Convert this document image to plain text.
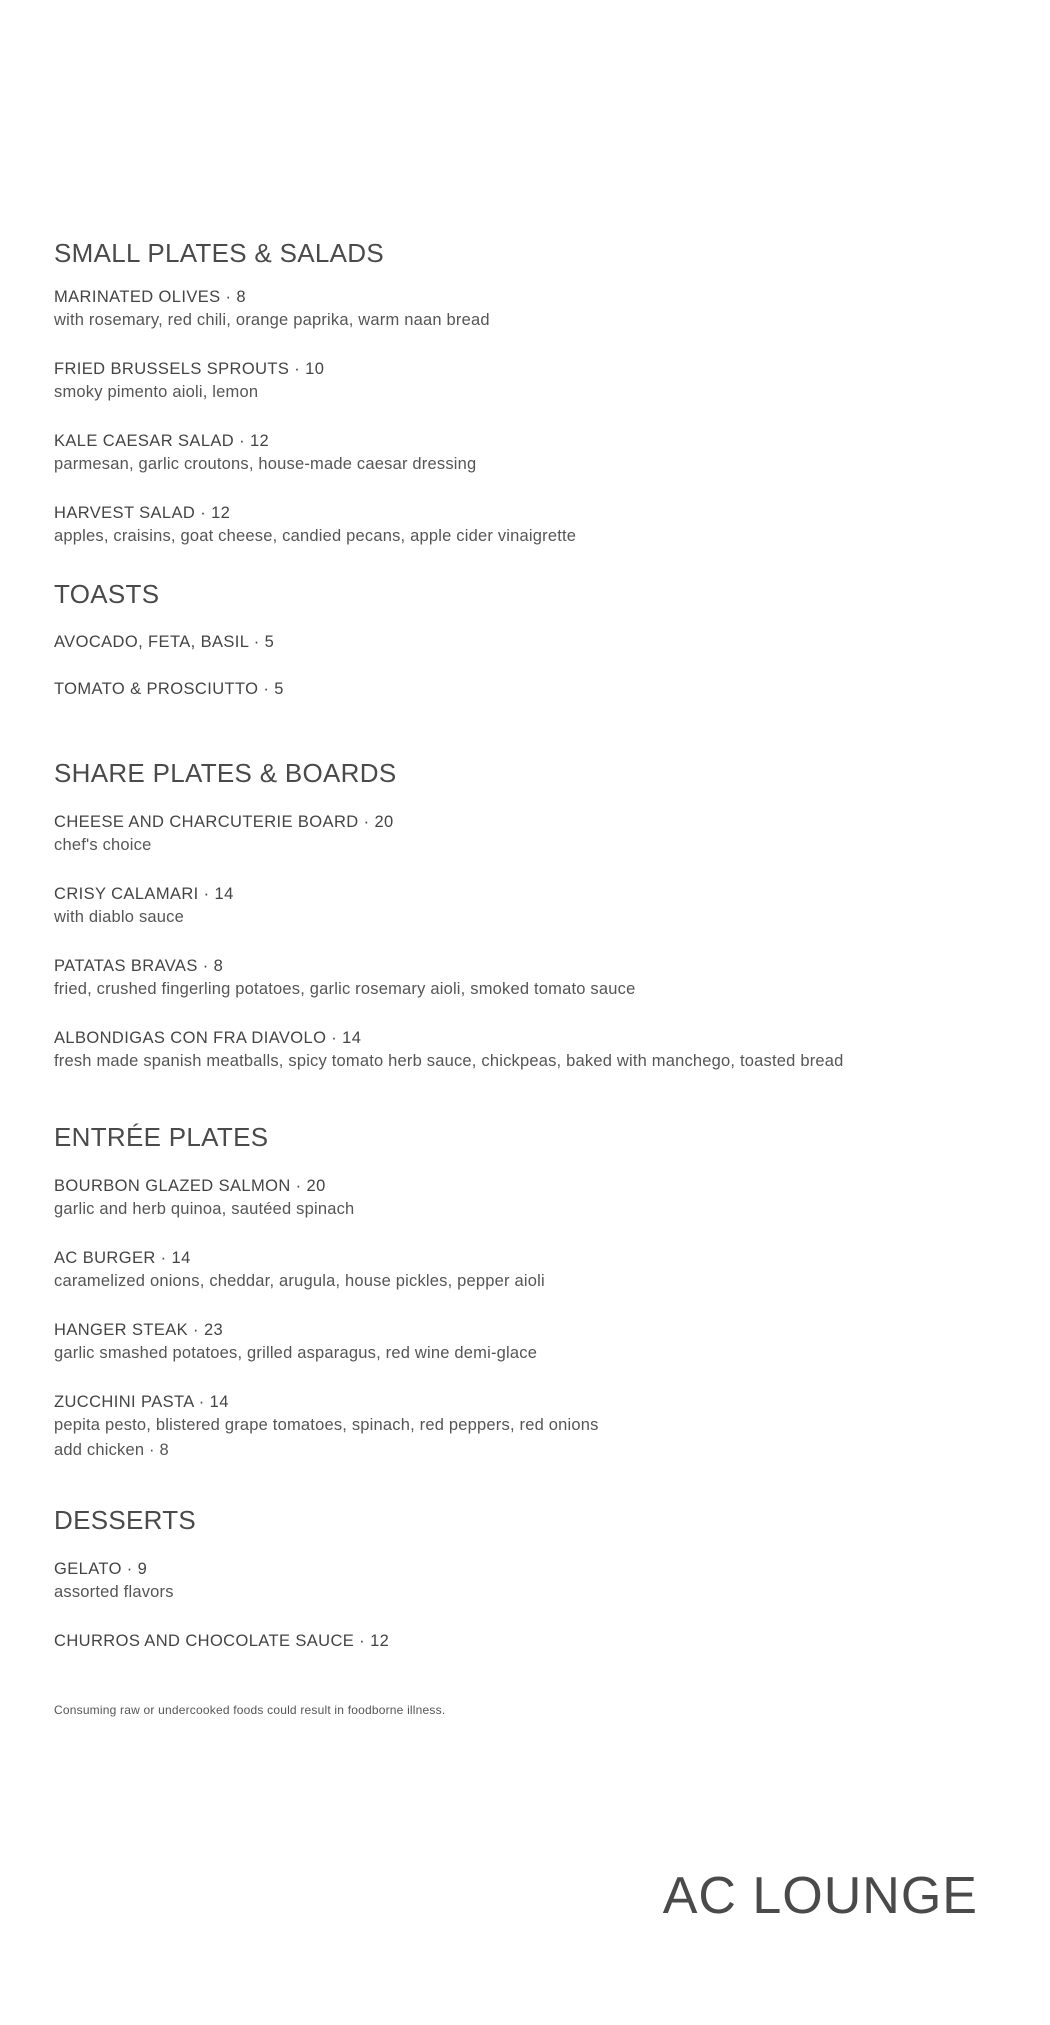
SMALL PLATES & SALADS
MARINATED OLIVES · 8
with rosemary, red chili, orange paprika, warm naan bread
FRIED BRUSSELS SPROUTS · 10
smoky pimento aioli, lemon
KALE CAESAR SALAD · 12
parmesan, garlic croutons, house-made caesar dressing
HARVEST SALAD · 12
apples, craisins, goat cheese, candied pecans, apple cider vinaigrette
TOASTS
AVOCADO, FETA, BASIL · 5
TOMATO & PROSCIUTTO · 5
SHARE PLATES & BOARDS
CHEESE AND CHARCUTERIE BOARD · 20
chef's choice
CRISY CALAMARI · 14
with diablo sauce
PATATAS BRAVAS · 8
fried, crushed fingerling potatoes, garlic rosemary aioli, smoked tomato sauce
ALBONDIGAS CON FRA DIAVOLO · 14
fresh made spanish meatballs, spicy tomato herb sauce, chickpeas, baked with manchego, toasted bread
ENTRÉE PLATES
BOURBON GLAZED SALMON · 20
garlic and herb quinoa, sautéed spinach
AC BURGER · 14
caramelized onions, cheddar, arugula, house pickles, pepper aioli
HANGER STEAK · 23
garlic smashed potatoes, grilled asparagus, red wine demi-glace
ZUCCHINI PASTA · 14
pepita pesto, blistered grape tomatoes, spinach, red peppers, red onions
add chicken · 8
DESSERTS
GELATO · 9
assorted flavors
CHURROS AND CHOCOLATE SAUCE · 12
Consuming raw or undercooked foods could result in foodborne illness.
AC LOUNGE
